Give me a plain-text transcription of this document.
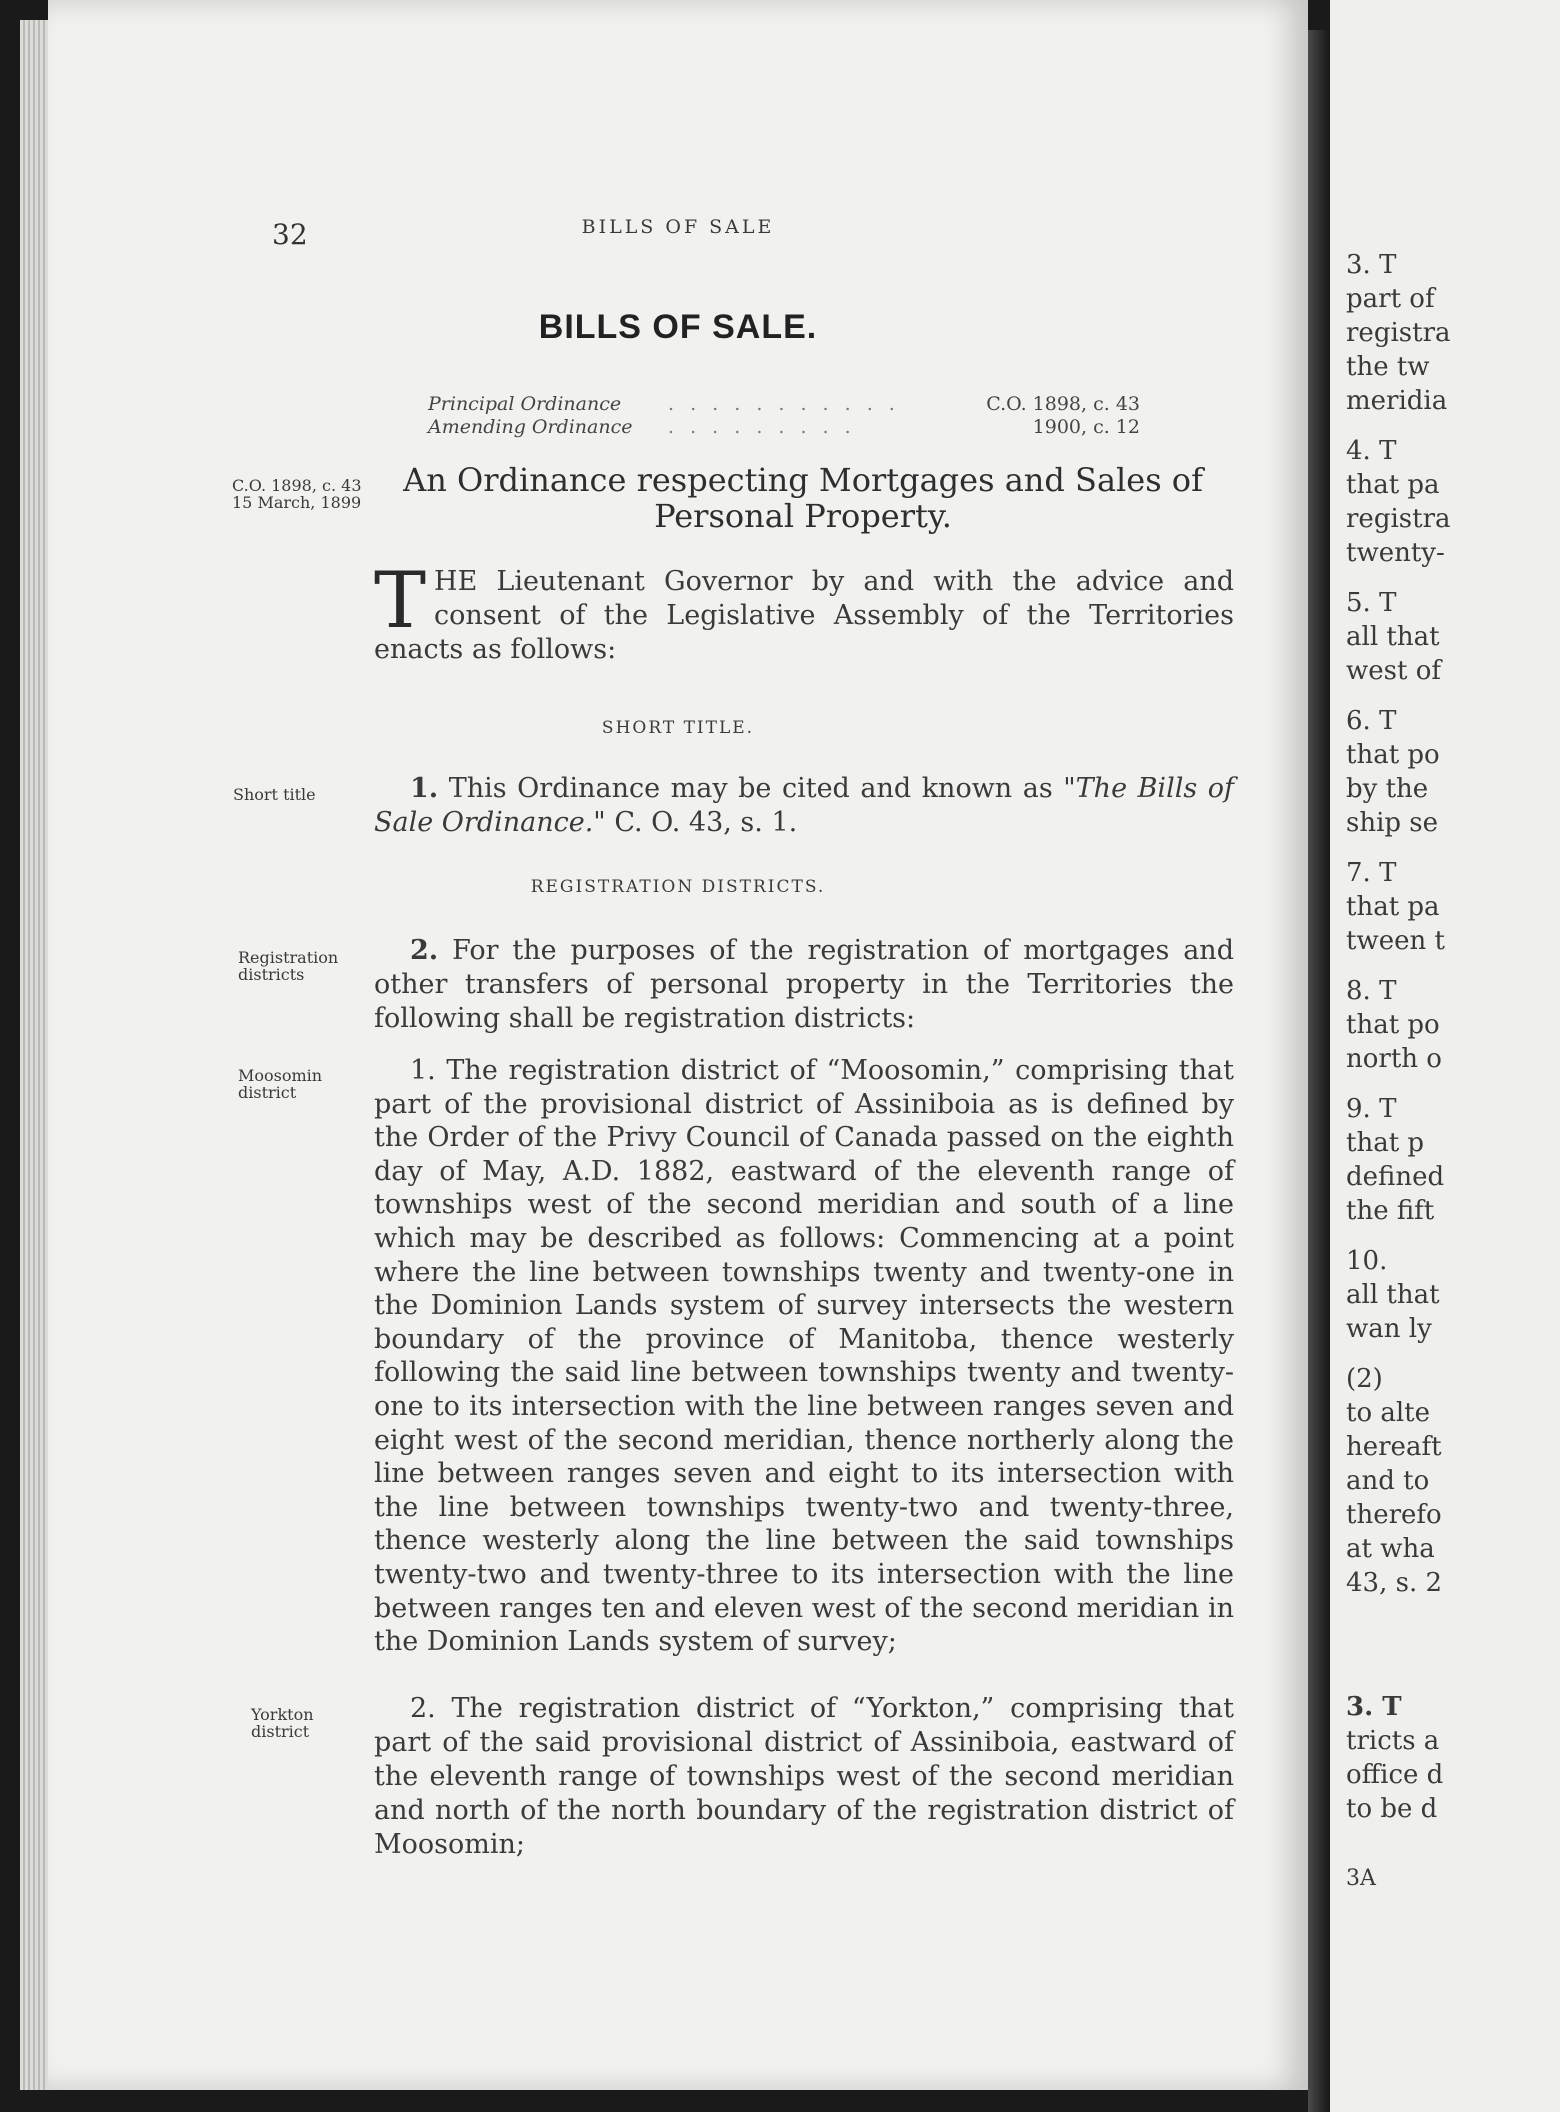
32	BILLS OF SALE
BILLS OF SALE.
Principal Ordinance . . . . . . . . . . .	C.O. 1898, c. 43
Amending Ordinance . . . . . . . . .	1900, c. 12
C.O. 1898, c. 43
15 March, 1899
An Ordinance respecting Mortgages and Sales of Personal Property.
THE Lieutenant Governor by and with the advice and consent of the Legislative Assembly of the Territories enacts as follows:
SHORT TITLE.
Short title	1. This Ordinance may be cited and known as "The Bills of Sale Ordinance." C. O. 43, s. 1.
REGISTRATION DISTRICTS.
Registration
districts
2. For the purposes of the registration of mortgages and other transfers of personal property in the Territories the following shall be registration districts:
Moosomin
district
1. The registration district of “Moosomin,” comprising that part of the provisional district of Assiniboia as is defined by the Order of the Privy Council of Canada passed on the eighth day of May, A.D. 1882, eastward of the eleventh range of townships west of the second meridian and south of a line which may be described as follows: Commencing at a point where the line between townships twenty and twenty-one in the Dominion Lands system of survey intersects the western boundary of the province of Manitoba, thence westerly following the said line between townships twenty and twenty-one to its intersection with the line between ranges seven and eight west of the second meridian, thence northerly along the line between ranges seven and eight to its intersection with the line between townships twenty-two and twenty-three, thence westerly along the line between the said townships twenty-two and twenty-three to its intersection with the line between ranges ten and eleven west of the second meridian in the Dominion Lands system of survey;
Yorkton
district
2. The registration district of “Yorkton,” comprising that part of the said provisional district of Assiniboia, eastward of the eleventh range of townships west of the second meridian and north of the north boundary of the registration district of Moosomin;
3. T
part of
registra
the tw
meridia
4. T
that pa
registra
twenty-
5. T
all that
west of
6. T
that po
by the
ship se
7. T
that pa
tween t
8. T
that po
north o
9. T
that p
defined
the fift
10.
all that
wan ly
(2)
to alte
hereaft
and to
therefo
at wha
43, s. 2
3. T
tricts a
office d
to be d
3A
